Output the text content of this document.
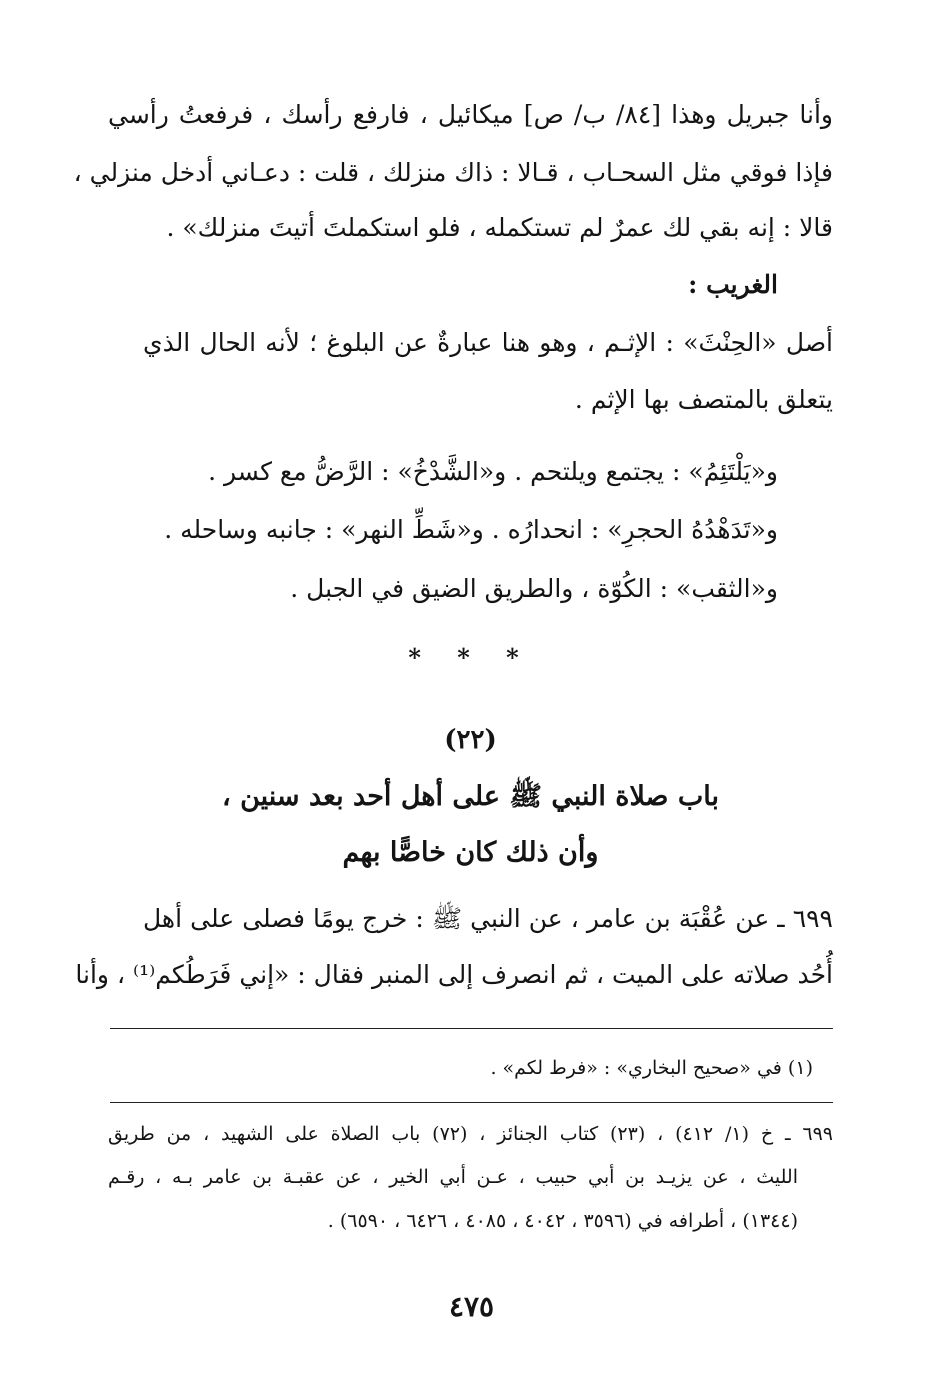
وأنا جبريل وهذا [٨٤/ ب/ ص] ميكائيل ، فارفع رأسك ، فرفعتُ رأسي
فإذا فوقي مثل السحـاب ، قـالا : ذاك منزلك ، قلت : دعـاني أدخل منزلي ،
قالا : إنه بقي لك عمرٌ لم تستكمله ، فلو استكملتَ أتيتَ منزلك» .
الغريب :
أصل «الحِنْثَ» : الإثـم ، وهو هنا عبارةٌ عن البلوغ ؛ لأنه الحال الذي
يتعلق بالمتصف بها الإثم .
و«يَلْتَئِمُ» : يجتمع ويلتحم . و«الشَّدْخُ» : الرَّضُّ مع كسر .
و«تَدَهْدُهُ الحجرِ» : انحدارُه . و«شَطِّ النهر» : جانبه وساحله .
و«الثقب» : الكُوّة ، والطريق الضيق في الجبل .
* * *
(٢٢)
باب صلاة النبي ﷺ على أهل أحد بعد سنين ،
وأن ذلك كان خاصًّا بهم
٦٩٩ ـ عن عُقْبَة بن عامر ، عن النبي ﷺ : خرج يومًا فصلى على أهل
أُحُد صلاته على الميت ، ثم انصرف إلى المنبر فقال : «إني فَرَطُكم⁽¹⁾ ، وأنا
(١) في «صحيح البخاري» : «فرط لكم» .
٦٩٩ ـ خ (١/ ٤١٢) ، (٢٣) كتاب الجنائز ، (٧٢) باب الصلاة على الشهيد ، من طريق
الليث ، عن يزيـد بن أبي حبيب ، عـن أبي الخير ، عن عقبـة بن عامر بـه ، رقـم
(١٣٤٤) ، أطرافه في (٣٥٩٦ ، ٤٠٤٢ ، ٤٠٨٥ ، ٦٤٢٦ ، ٦٥٩٠) .
٤٧٥
